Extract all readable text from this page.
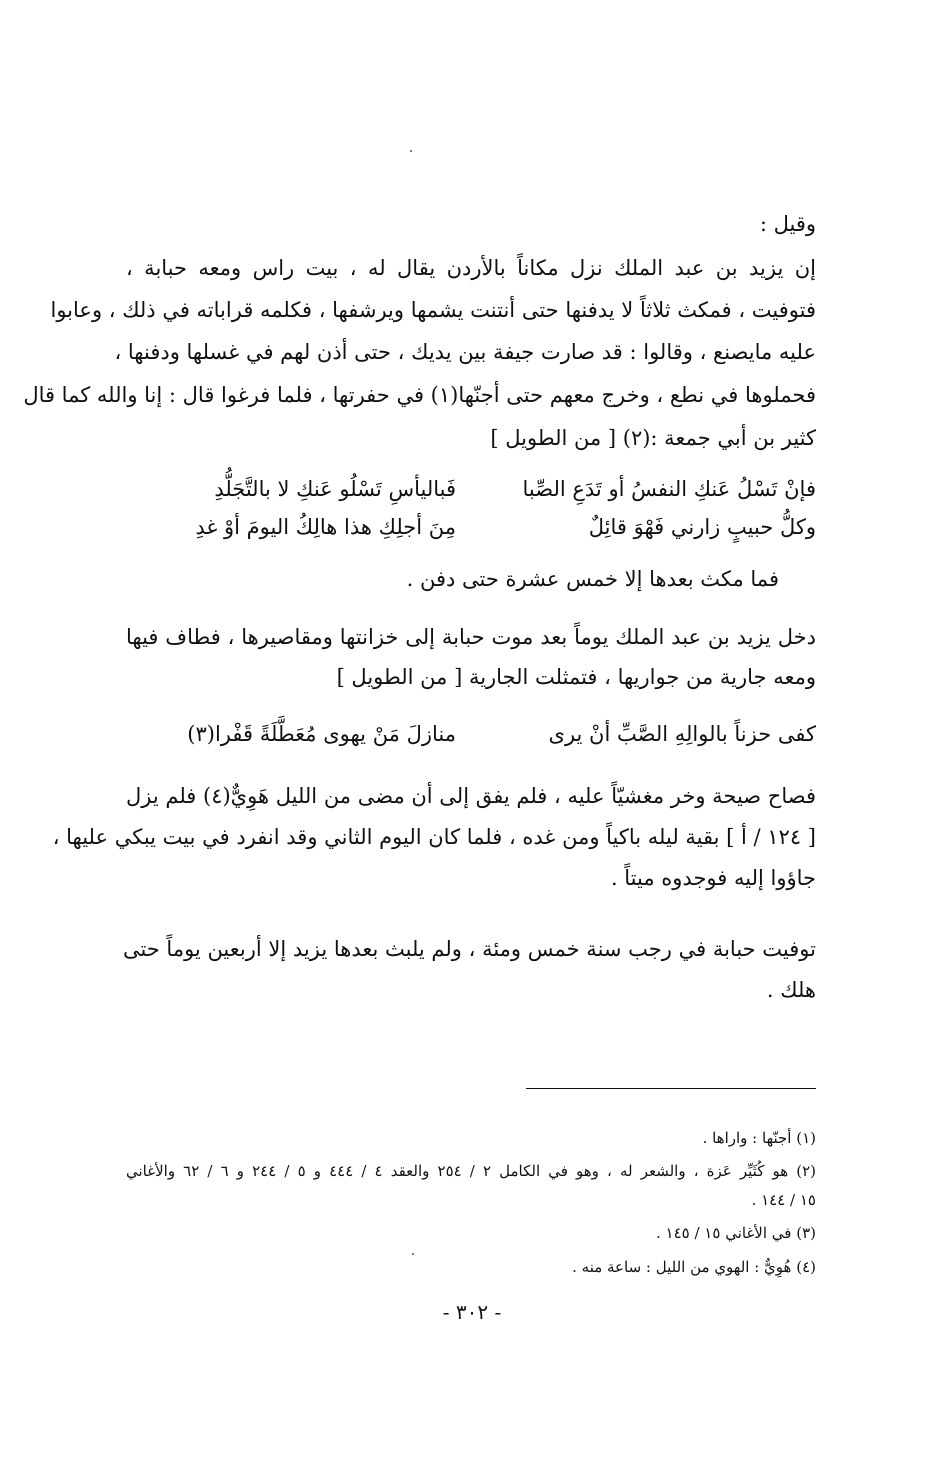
وقيل :
إن يزيد بن عبد الملك نزل مكاناً بالأردن يقال له ، بيت راس ومعه حبابة ،
فتوفيت ، فمكث ثلاثاً لا يدفنها حتى أنتنت يشمها ويرشفها ، فكلمه قراباته في ذلك ، وعابوا
عليه مايصنع ، وقالوا : قد صارت جيفة بين يديك ، حتى أذن لهم في غسلها ودفنها ،
فحملوها في نطع ، وخرج معهم حتى أجنّها(١) في حفرتها ، فلما فرغوا قال : إنا والله كما قال
كثير بن أبي جمعة :(٢) [ من الطويل ]
فإنْ تَسْلُ عَنكِ النفسُ أو تَدَعِ الصِّبا
فَباليأسِ تَسْلُو عَنكِ لا بالتَّجَلُّدِ
وكلُّ حبيبٍ زارني فَهْوَ قائِلٌ
مِنَ أجلِكِ هذا هالِكُ اليومَ أوْ غدِ
فما مكث بعدها إلا خمس عشرة حتى دفن .
دخل يزيد بن عبد الملك يوماً بعد موت حبابة إلى خزانتها ومقاصيرها ، فطاف فيها
ومعه جارية من جواريها ، فتمثلت الجارية [ من الطويل ]
كفى حزناً بالوالِهِ الصَّبِّ أنْ يرى
منازلَ مَنْ يهوى مُعَطَّلَةً قَفْرا(٣)
فصاح صيحة وخر مغشيّاً عليه ، فلم يفق إلى أن مضى من الليل هَوِيٌّ(٤) فلم يزل
[ ١٢٤ / أ ] بقية ليله باكياً ومن غده ، فلما كان اليوم الثاني وقد انفرد في بيت يبكي عليها ،
جاؤوا إليه فوجدوه ميتاً .
توفيت حبابة في رجب سنة خمس ومئة ، ولم يلبث بعدها يزيد إلا أربعين يوماً حتى
هلك .
(١) أجنّها : واراها .
(٢) هو كُثَيِّر عَزة ، والشعر له ، وهو في الكامل ٢ / ٢٥٤ والعقد ٤ / ٤٤٤ و ٥ / ٢٤٤ و ٦ / ٦٢ والأغاني
١٥ / ١٤٤ .
(٣) في الأغاني ١٥ / ١٤٥ .
(٤) هُوِيٌّ : الهوي من الليل : ساعة منه .
- ٣٠٢ -
